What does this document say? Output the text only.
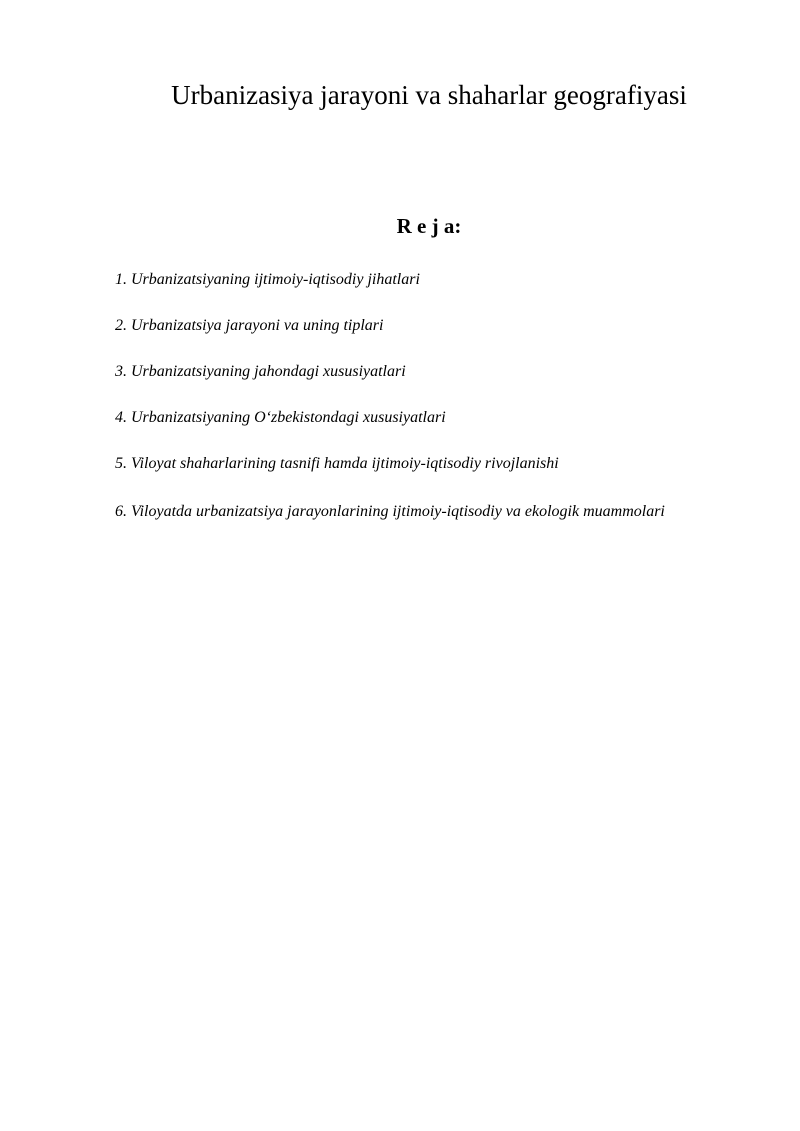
Urbanizasiya jarayoni va shaharlar geografiyasi
R e j a:
1. Urbanizatsiyaning ijtimoiy-iqtisodiy jihatlari
2. Urbanizatsiya jarayoni va uning tiplari
3. Urbanizatsiyaning jahondagi xususiyatlari
4. Urbanizatsiyaning O‘zbekistondagi xususiyatlari
5. Viloyat shaharlarining tasnifi hamda ijtimoiy-iqtisodiy rivojlanishi
6. Viloyatda urbanizatsiya jarayonlarining ijtimoiy-iqtisodiy va ekologik muammolari
